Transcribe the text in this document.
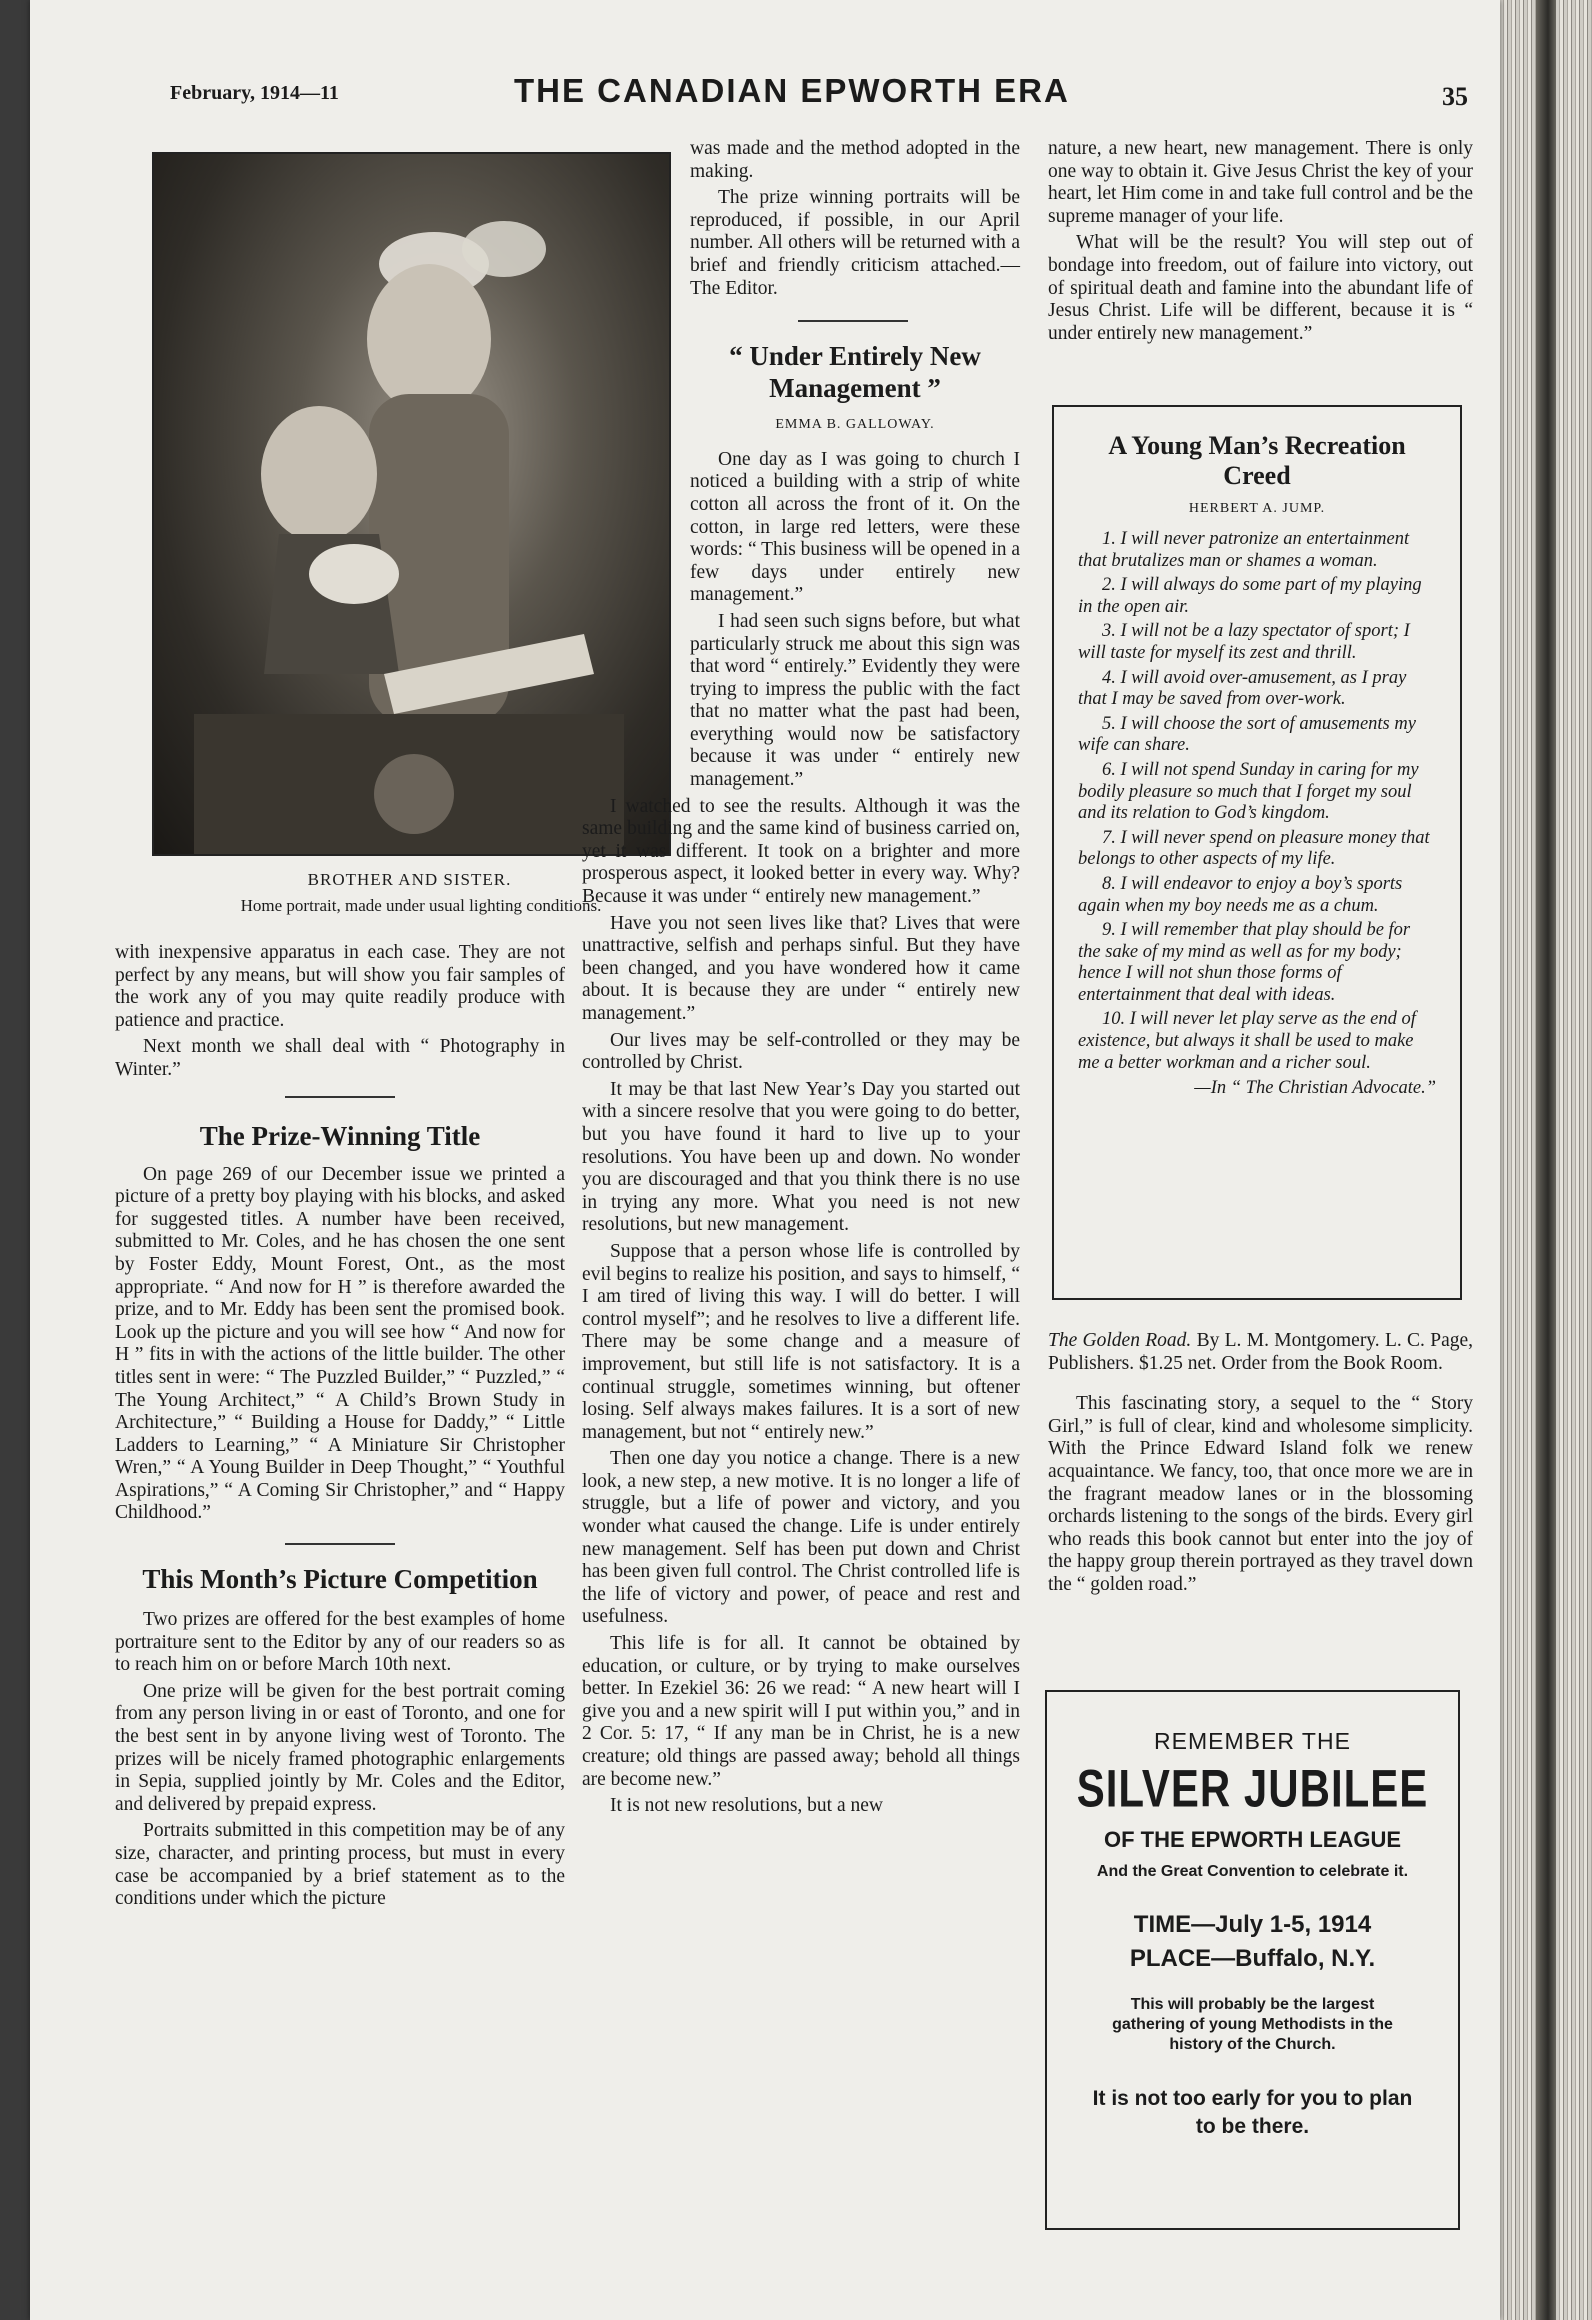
February, 1914—11	THE CANADIAN EPWORTH ERA	35
BROTHER AND SISTER.
Home portrait, made under usual lighting conditions.

with inexpensive apparatus in each case. They are not perfect by any means, but will show you fair samples of the work any of you may quite readily produce with patience and practice.

Next month we shall deal with “ Photography in Winter.”

The Prize-Winning Title

On page 269 of our December issue we printed a picture of a pretty boy playing with his blocks, and asked for suggested titles. A number have been received, submitted to Mr. Coles, and he has chosen the one sent by Foster Eddy, Mount Forest, Ont., as the most appropriate. “ And now for H ” is therefore awarded the prize, and to Mr. Eddy has been sent the promised book. Look up the picture and you will see how “ And now for H ” fits in with the actions of the little builder. The other titles sent in were: “ The Puzzled Builder,” “ Puzzled,” “ The Young Architect,” “ A Child’s Brown Study in Architecture,” “ Building a House for Daddy,” “ Little Ladders to Learning,” “ A Miniature Sir Christopher Wren,” “ A Young Builder in Deep Thought,” “ Youthful Aspirations,” “ A Coming Sir Christopher,” and “ Happy Childhood.”

This Month’s Picture Competition

Two prizes are offered for the best examples of home portraiture sent to the Editor by any of our readers so as to reach him on or before March 10th next.

One prize will be given for the best portrait coming from any person living in or east of Toronto, and one for the best sent in by anyone living west of Toronto. The prizes will be nicely framed photographic enlargements in Sepia, supplied jointly by Mr. Coles and the Editor, and delivered by prepaid express.

Portraits submitted in this competition may be of any size, character, and printing process, but must in every case be accompanied by a brief statement as to the conditions under which the picture

was made and the method adopted in the making.

The prize winning portraits will be reproduced, if possible, in our April number. All others will be returned with a brief and friendly criticism attached.—The Editor.

“ Under Entirely New Management ”
EMMA B. GALLOWAY.

One day as I was going to church I noticed a building with a strip of white cotton all across the front of it. On the cotton, in large red letters, were these words: “ This business will be opened in a few days under entirely new management.”

I had seen such signs before, but what particularly struck me about this sign was that word “ entirely.” Evidently they were trying to impress the public with the fact that no matter what the past had been, everything would now be satisfactory because it was under “ entirely new management.”

I watched to see the results. Although it was the same building and the same kind of business carried on, yet it was different. It took on a brighter and more prosperous aspect, it looked better in every way. Why? Because it was under “ entirely new management.”

Have you not seen lives like that? Lives that were unattractive, selfish and perhaps sinful. But they have been changed, and you have wondered how it came about. It is because they are under “ entirely new management.”

Our lives may be self-controlled or they may be controlled by Christ.

It may be that last New Year’s Day you started out with a sincere resolve that you were going to do better, but you have found it hard to live up to your resolutions. You have been up and down. No wonder you are discouraged and that you think there is no use in trying any more. What you need is not new resolutions, but new management.

Suppose that a person whose life is controlled by evil begins to realize his position, and says to himself, “ I am tired of living this way. I will do better. I will control myself”; and he resolves to live a different life. There may be some change and a measure of improvement, but still life is not satisfactory. It is a continual struggle, sometimes winning, but oftener losing. Self always makes failures. It is a sort of new management, but not “ entirely new.”

Then one day you notice a change. There is a new look, a new step, a new motive. It is no longer a life of struggle, but a life of power and victory, and you wonder what caused the change. Life is under entirely new management. Self has been put down and Christ has been given full control. The Christ controlled life is the life of victory and power, of peace and rest and usefulness.

This life is for all. It cannot be obtained by education, or culture, or by trying to make ourselves better. In Ezekiel 36: 26 we read: “ A new heart will I give you and a new spirit will I put within you,” and in 2 Cor. 5: 17, “ If any man be in Christ, he is a new creature; old things are passed away; behold all things are become new.”

It is not new resolutions, but a new

nature, a new heart, new management. There is only one way to obtain it. Give Jesus Christ the key of your heart, let Him come in and take full control and be the supreme manager of your life.

What will be the result? You will step out of bondage into freedom, out of failure into victory, out of spiritual death and famine into the abundant life of Jesus Christ. Life will be different, because it is “ under entirely new management.”

A Young Man’s Recreation Creed
HERBERT A. JUMP.

1. I will never patronize an entertainment that brutalizes man or shames a woman.

2. I will always do some part of my playing in the open air.

3. I will not be a lazy spectator of sport; I will taste for myself its zest and thrill.

4. I will avoid over-amusement, as I pray that I may be saved from over-work.

5. I will choose the sort of amusements my wife can share.

6. I will not spend Sunday in caring for my bodily pleasure so much that I forget my soul and its relation to God’s kingdom.

7. I will never spend on pleasure money that belongs to other aspects of my life.

8. I will endeavor to enjoy a boy’s sports again when my boy needs me as a chum.

9. I will remember that play should be for the sake of my mind as well as for my body; hence I will not shun those forms of entertainment that deal with ideas.

10. I will never let play serve as the end of existence, but always it shall be used to make me a better workman and a richer soul.

—In “ The Christian Advocate.”

The Golden Road. By L. M. Montgomery. L. C. Page, Publishers. $1.25 net. Order from the Book Room.

This fascinating story, a sequel to the “ Story Girl,” is full of clear, kind and wholesome simplicity. With the Prince Edward Island folk we renew acquaintance. We fancy, too, that once more we are in the fragrant meadow lanes or in the blossoming orchards listening to the songs of the birds. Every girl who reads this book cannot but enter into the joy of the happy group therein portrayed as they travel down the “ golden road.”

REMEMBER THE
SILVER JUBILEE
OF THE EPWORTH LEAGUE
And the Great Convention to celebrate it.
TIME—July 1-5, 1914
PLACE—Buffalo, N.Y.
This will probably be the largest gathering of young Methodists in the history of the Church.
It is not too early for you to plan to be there.
